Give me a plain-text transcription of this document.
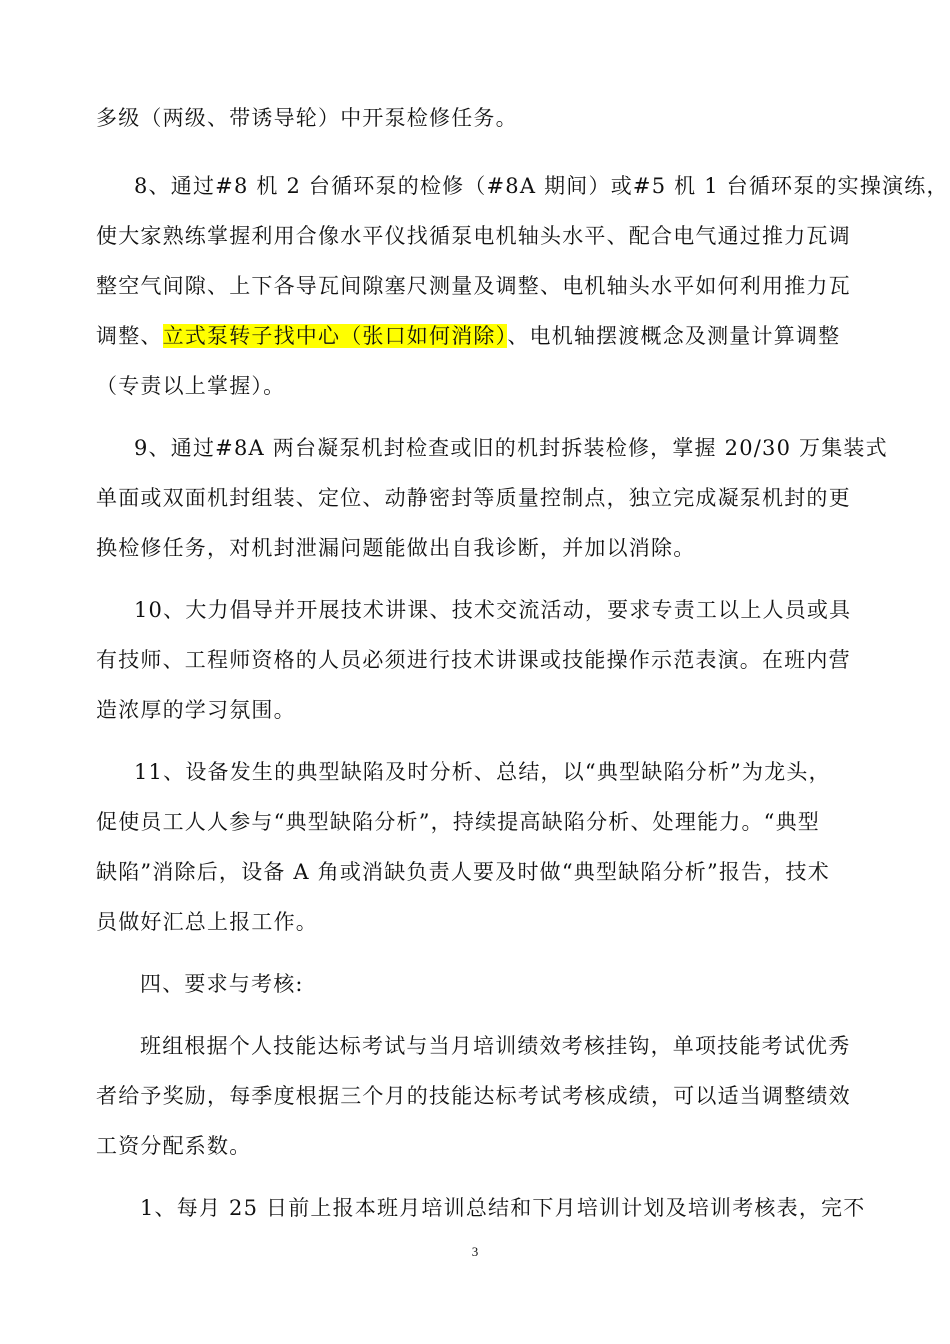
多级（两级、带诱导轮）中开泵检修任务。

8、通过#8 机 2 台循环泵的检修（#8A 期间）或#5 机 1 台循环泵的实操演练，

使大家熟练掌握利用合像水平仪找循泵电机轴头水平、配合电气通过推力瓦调

整空气间隙、上下各导瓦间隙塞尺测量及调整、电机轴头水平如何利用推力瓦

调整、立式泵转子找中心（张口如何消除）、电机轴摆渡概念及测量计算调整

（专责以上掌握）。

9、通过#8A 两台凝泵机封检查或旧的机封拆装检修，掌握 20/30 万集装式

单面或双面机封组装、定位、动静密封等质量控制点，独立完成凝泵机封的更

换检修任务，对机封泄漏问题能做出自我诊断，并加以消除。

10、大力倡导并开展技术讲课、技术交流活动，要求专责工以上人员或具

有技师、工程师资格的人员必须进行技术讲课或技能操作示范表演。在班内营

造浓厚的学习氛围。

11、设备发生的典型缺陷及时分析、总结，以“典型缺陷分析”为龙头，

促使员工人人参与“典型缺陷分析”，持续提高缺陷分析、处理能力。“典型

缺陷”消除后，设备 A 角或消缺负责人要及时做“典型缺陷分析”报告，技术

员做好汇总上报工作。

四、要求与考核:

班组根据个人技能达标考试与当月培训绩效考核挂钩，单项技能考试优秀

者给予奖励，每季度根据三个月的技能达标考试考核成绩，可以适当调整绩效

工资分配系数。

1、每月 25 日前上报本班月培训总结和下月培训计划及培训考核表，完不

3
